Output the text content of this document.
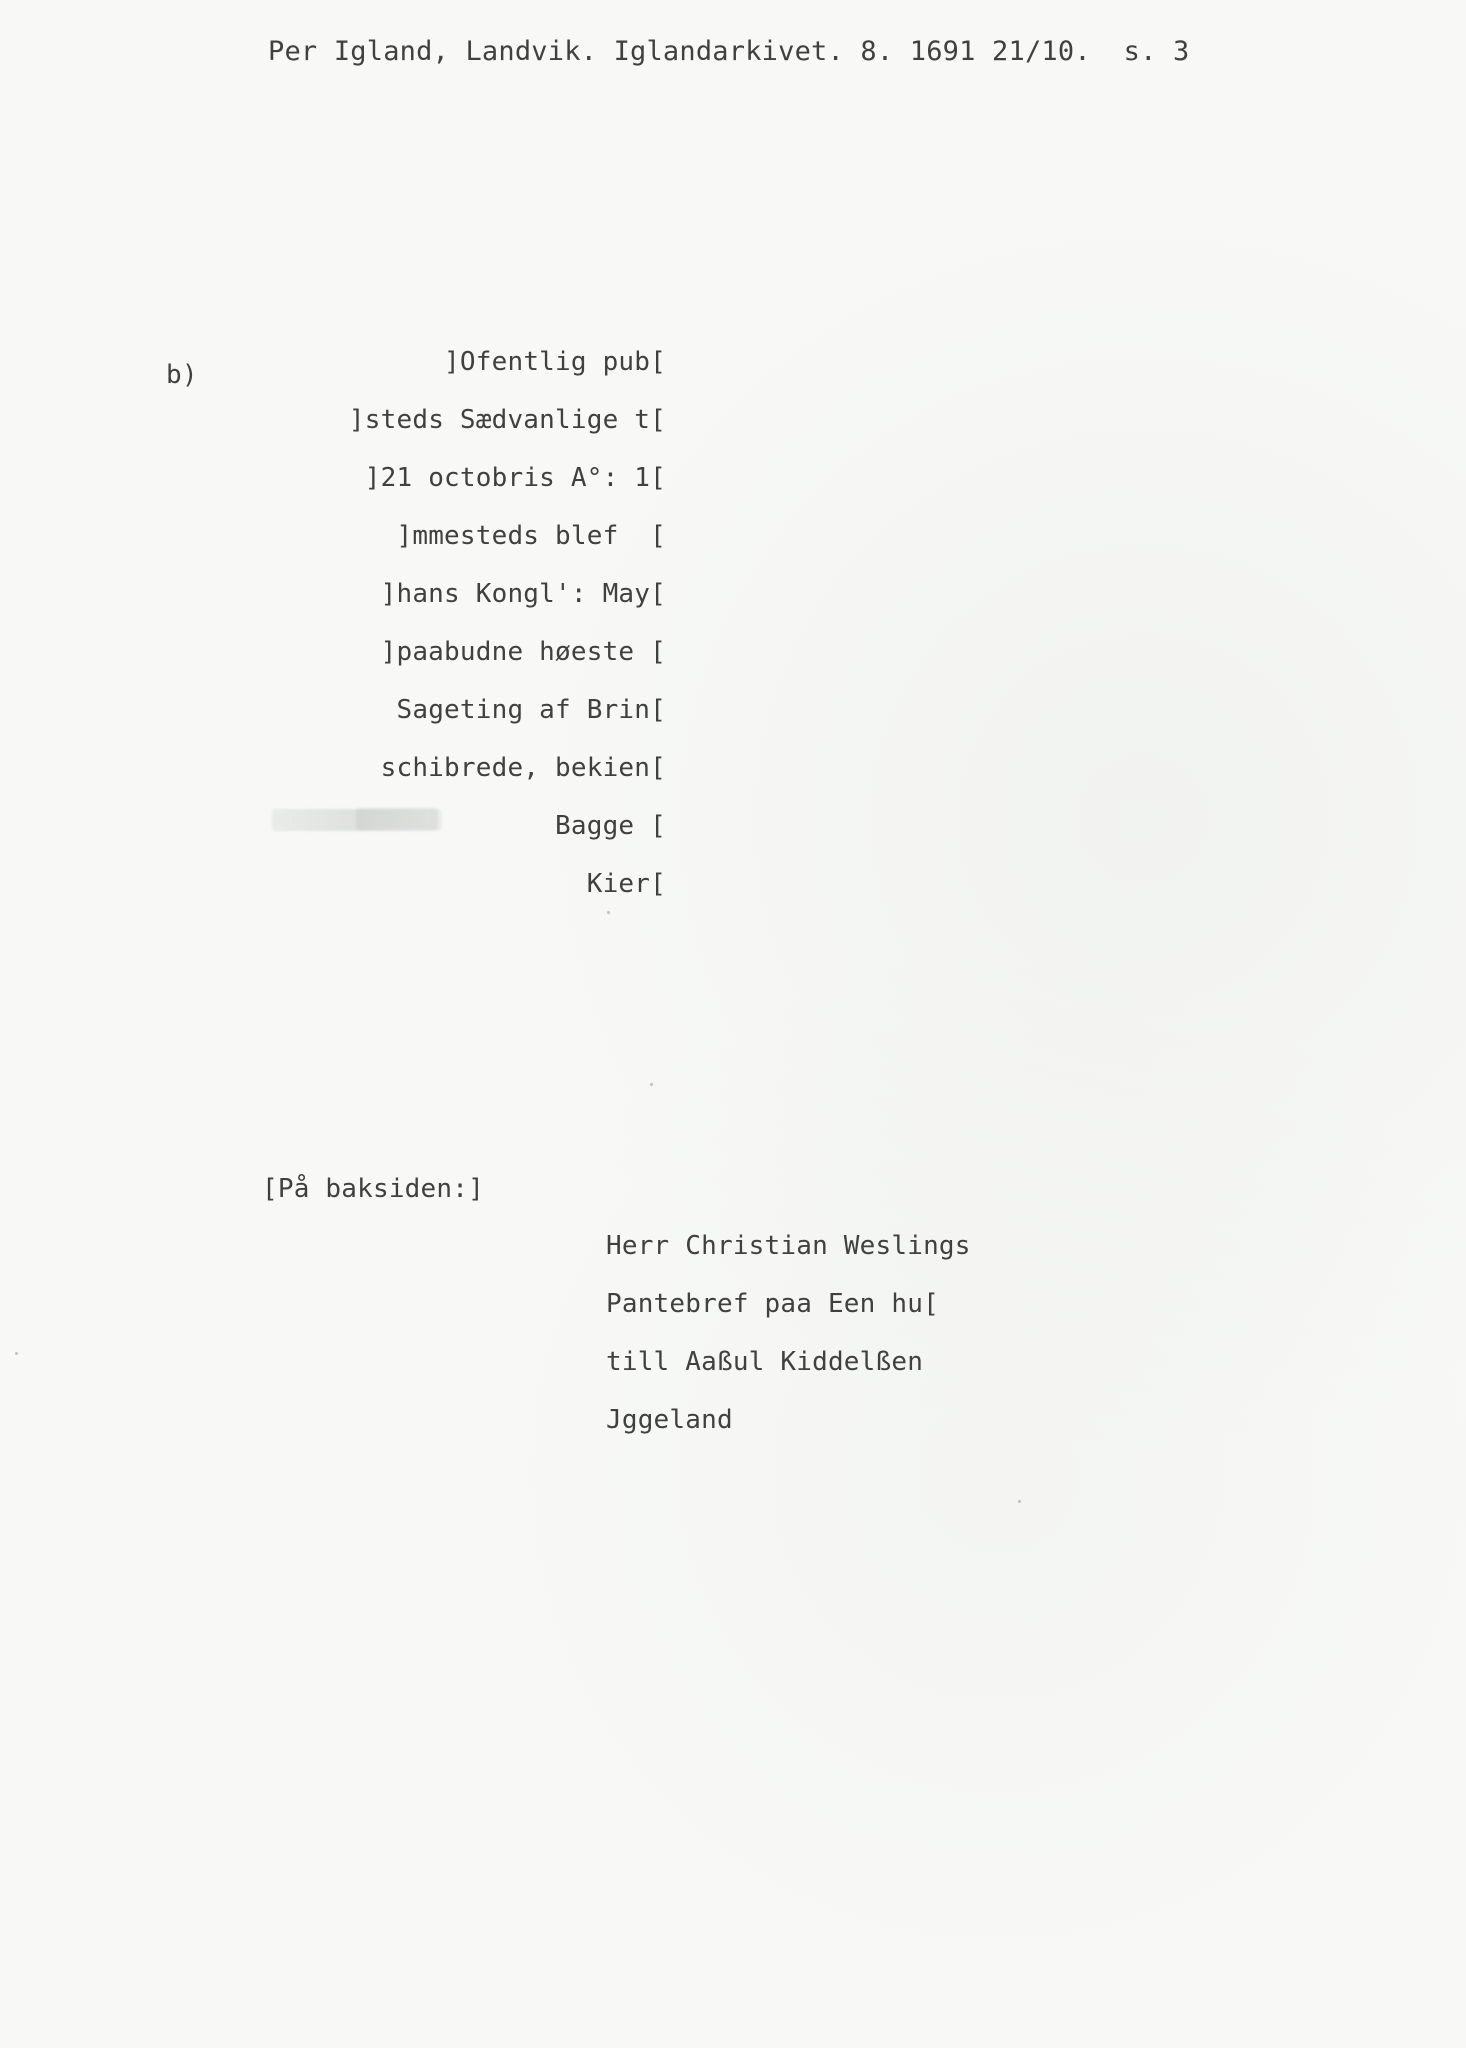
Per Igland, Landvik. Iglandarkivet. 8. 1691 21/10.  s. 3
b)	]Ofentlig pub[
]steds Sædvanlige t[
]21 octobris A°: 1[
]mmesteds blef  [
]hans Kongl': May[
]paabudne høeste [
Sageting af Brin[
schibrede, bekien[
Bagge [
Kier[
[På baksiden:]
Herr Christian Weslings
Pantebref paa Een hu[
till Aaßul Kiddelßen
Jggeland
